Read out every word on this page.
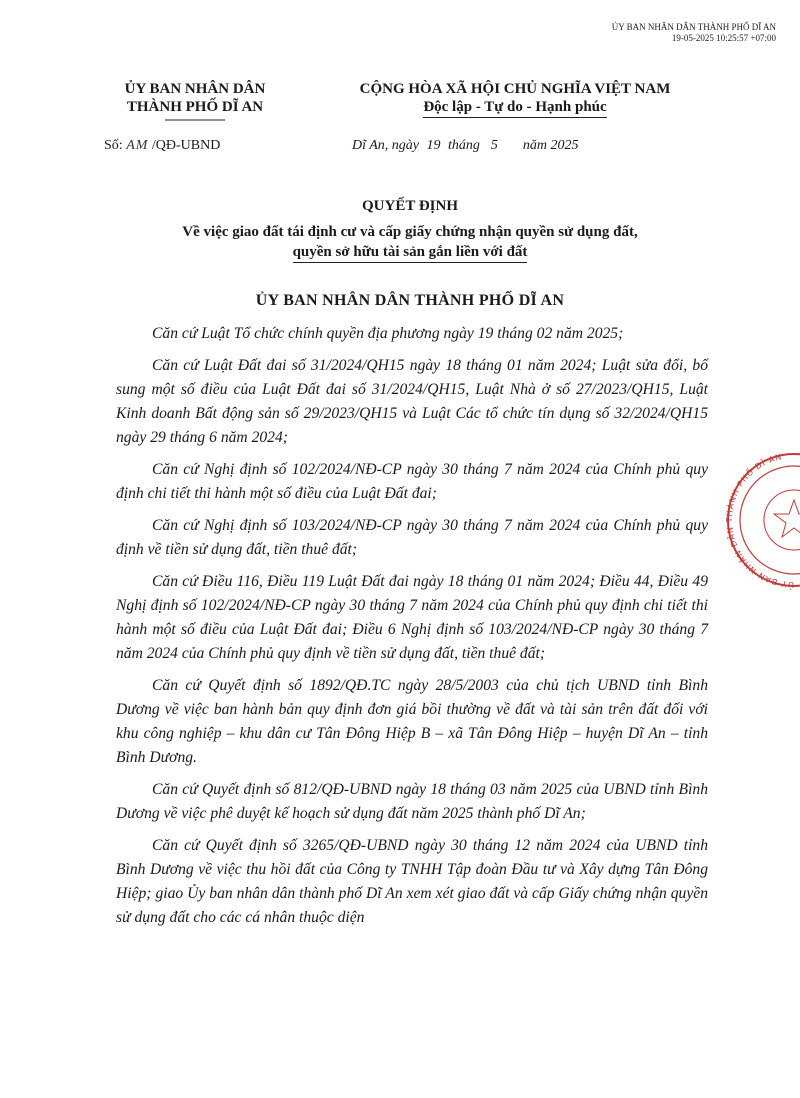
ỦY BAN NHÂN DÂN THÀNH PHỐ DĨ AN
19-05-2025 10:25:57 +07:00
ỦY BAN NHÂN DÂN
THÀNH PHỐ DĨ AN
CỘNG HÒA XÃ HỘI CHỦ NGHĨA VIỆT NAM
Độc lập - Tự do - Hạnh phúc
Số: AM /QĐ-UBND	Dĩ An, ngày 19 tháng 5 năm 2025
QUYẾT ĐỊNH
Về việc giao đất tái định cư và cấp giấy chứng nhận quyền sử dụng đất,
quyền sở hữu tài sản gắn liền với đất
ỦY BAN NHÂN DÂN THÀNH PHỐ DĨ AN

Căn cứ Luật Tổ chức chính quyền địa phương ngày 19 tháng 02 năm 2025;

Căn cứ Luật Đất đai số 31/2024/QH15 ngày 18 tháng 01 năm 2024; Luật sửa đổi, bổ sung một số điều của Luật Đất đai số 31/2024/QH15, Luật Nhà ở số 27/2023/QH15, Luật Kinh doanh Bất động sản số 29/2023/QH15 và Luật Các tổ chức tín dụng số 32/2024/QH15 ngày 29 tháng 6 năm 2024;

Căn cứ Nghị định số 102/2024/NĐ-CP ngày 30 tháng 7 năm 2024 của Chính phủ quy định chi tiết thi hành một số điều của Luật Đất đai;

Căn cứ Nghị định số 103/2024/NĐ-CP ngày 30 tháng 7 năm 2024 của Chính phủ quy định về tiền sử dụng đất, tiền thuê đất;

Căn cứ Điều 116, Điều 119 Luật Đất đai ngày 18 tháng 01 năm 2024; Điều 44, Điều 49 Nghị định số 102/2024/NĐ-CP ngày 30 tháng 7 năm 2024 của Chính phủ quy định chi tiết thi hành một số điều của Luật Đất đai; Điều 6 Nghị định số 103/2024/NĐ-CP ngày 30 tháng 7 năm 2024 của Chính phủ quy định về tiền sử dụng đất, tiền thuê đất;

Căn cứ Quyết định số 1892/QĐ.TC ngày 28/5/2003 của chủ tịch UBND tỉnh Bình Dương về việc ban hành bản quy định đơn giá bồi thường về đất và tài sản trên đất đối với khu công nghiệp – khu dân cư Tân Đông Hiệp B – xã Tân Đông Hiệp – huyện Dĩ An – tỉnh Bình Dương.

Căn cứ Quyết định số 812/QĐ-UBND ngày 18 tháng 03 năm 2025 của UBND tỉnh Bình Dương về việc phê duyệt kế hoạch sử dụng đất năm 2025 thành phố Dĩ An;

Căn cứ Quyết định số 3265/QĐ-UBND ngày 30 tháng 12 năm 2024 của UBND tỉnh Bình Dương về việc thu hồi đất của Công ty TNHH Tập đoàn Đầu tư và Xây dựng Tân Đông Hiệp; giao Ủy ban nhân dân thành phố Dĩ An xem xét giao đất và cấp Giấy chứng nhận quyền sử dụng đất cho các cá nhân thuộc diện

ỦY BAN NHÂN DÂN THÀNH PHỐ DĨ AN
